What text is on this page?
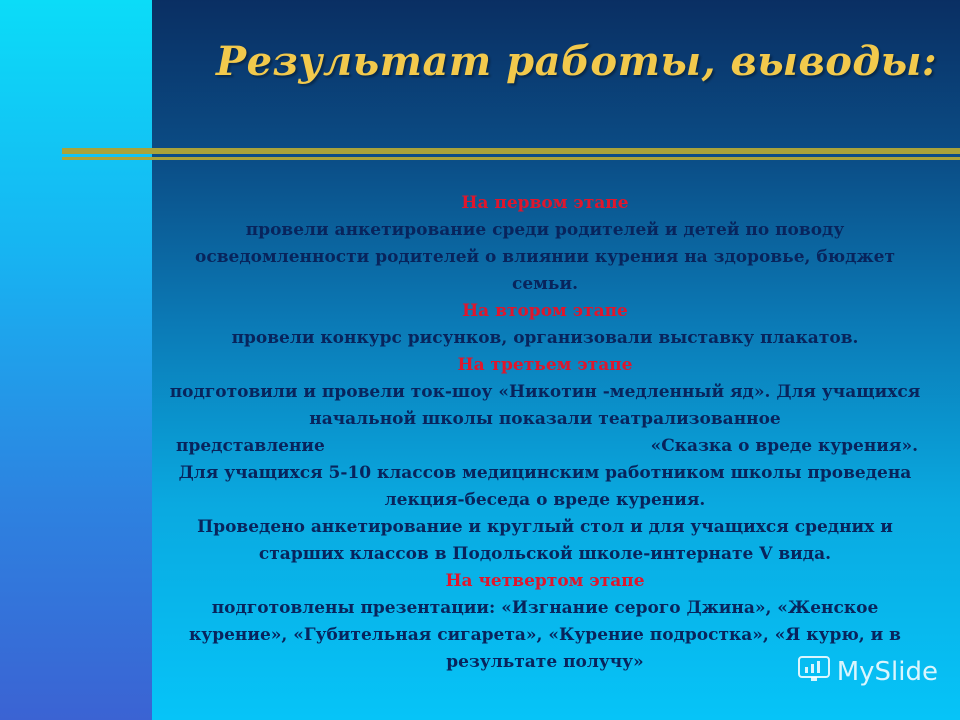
Результат работы, выводы:

На первом этапе

провели анкетирование среди родителей и детей по поводу осведомленности родителей о влиянии курения на здоровье, бюджет семьи.

На втором этапе

провели конкурс рисунков, организовали выставку плакатов.

На третьем этапе

подготовили и провели ток-шоу «Никотин -медленный яд». Для учащихся начальной школы показали театрализованное

представление	«Сказка о вреде курения».

Для учащихся 5-10 классов медицинским работником школы проведена лекция-беседа о вреде курения.

Проведено анкетирование и круглый стол и для учащихся средних и старших классов в Подольской школе-интернате V вида.

На четвертом этапе

подготовлены презентации: «Изгнание серого Джина», «Женское курение», «Губительная сигарета», «Курение подростка», «Я курю, и в результате получу»	MySlide
